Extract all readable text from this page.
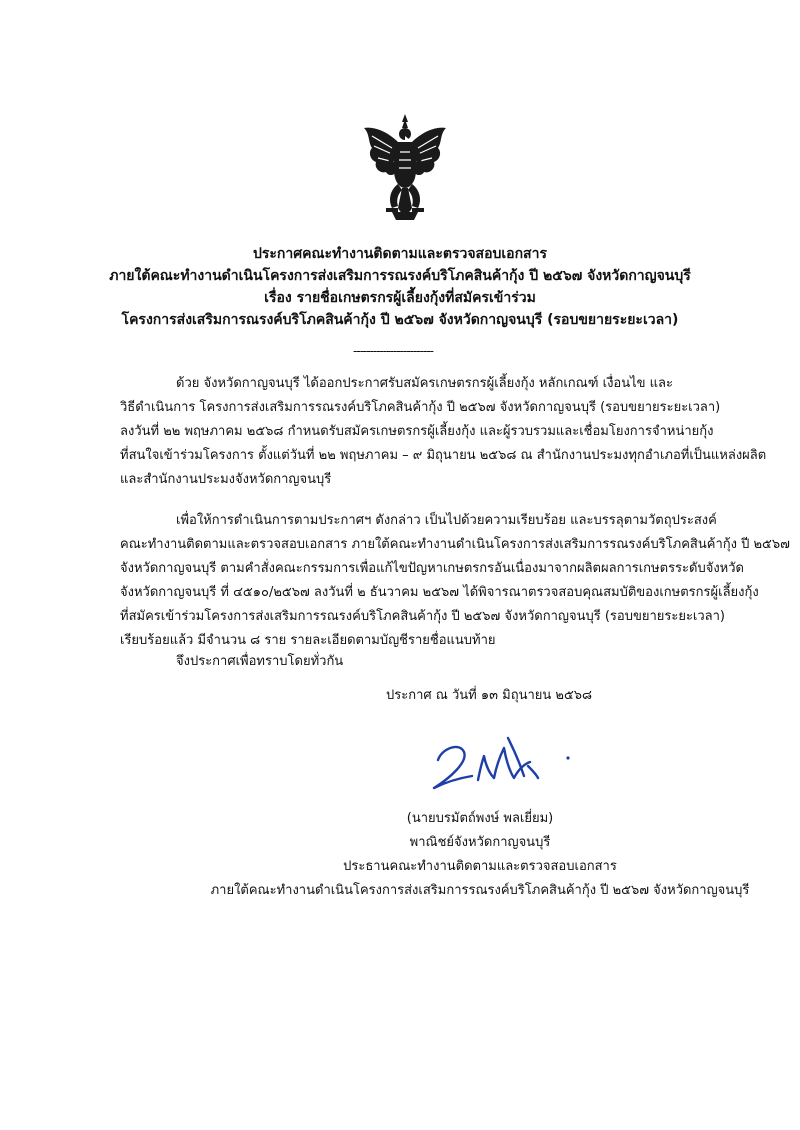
ประกาศคณะทำงานติดตามและตรวจสอบเอกสาร
ภายใต้คณะทำงานดำเนินโครงการส่งเสริมการรณรงค์บริโภคสินค้ากุ้ง ปี ๒๕๖๗ จังหวัดกาญจนบุรี
เรื่อง รายชื่อเกษตรกรผู้เลี้ยงกุ้งที่สมัครเข้าร่วม
โครงการส่งเสริมการณรงค์บริโภคสินค้ากุ้ง ปี ๒๕๖๗ จังหวัดกาญจนบุรี (รอบขยายระยะเวลา)
------------------------
ด้วย จังหวัดกาญจนบุรี ได้ออกประกาศรับสมัครเกษตรกรผู้เลี้ยงกุ้ง หลักเกณฑ์ เงื่อนไข และ
วิธีดำเนินการ โครงการส่งเสริมการรณรงค์บริโภคสินค้ากุ้ง ปี ๒๕๖๗ จังหวัดกาญจนบุรี (รอบขยายระยะเวลา)
ลงวันที่ ๒๒ พฤษภาคม ๒๕๖๘ กำหนดรับสมัครเกษตรกรผู้เลี้ยงกุ้ง และผู้รวบรวมและเชื่อมโยงการจำหน่ายกุ้ง
ที่สนใจเข้าร่วมโครงการ ตั้งแต่วันที่ ๒๒ พฤษภาคม – ๙ มิถุนายน ๒๕๖๘ ณ สำนักงานประมงทุกอำเภอที่เป็นแหล่งผลิต
และสำนักงานประมงจังหวัดกาญจนบุรี
เพื่อให้การดำเนินการตามประกาศฯ ดังกล่าว เป็นไปด้วยความเรียบร้อย และบรรลุตามวัตถุประสงค์
คณะทำงานติดตามและตรวจสอบเอกสาร ภายใต้คณะทำงานดำเนินโครงการส่งเสริมการรณรงค์บริโภคสินค้ากุ้ง ปี ๒๕๖๗
จังหวัดกาญจนบุรี ตามคำสั่งคณะกรรมการเพื่อแก้ไขปัญหาเกษตรกรอันเนื่องมาจากผลิตผลการเกษตรระดับจังหวัด
จังหวัดกาญจนบุรี ที่ ๔๕๑๐/๒๕๖๗ ลงวันที่ ๒ ธันวาคม ๒๕๖๗ ได้พิจารณาตรวจสอบคุณสมบัติของเกษตรกรผู้เลี้ยงกุ้ง
ที่สมัครเข้าร่วมโครงการส่งเสริมการรณรงค์บริโภคสินค้ากุ้ง ปี ๒๕๖๗ จังหวัดกาญจนบุรี (รอบขยายระยะเวลา)
เรียบร้อยแล้ว มีจำนวน ๘ ราย รายละเอียดตามบัญชีรายชื่อแนบท้าย
จึงประกาศเพื่อทราบโดยทั่วกัน
ประกาศ ณ วันที่ ๑๓ มิถุนายน ๒๕๖๘
(นายบรมัตถ์พงษ์ พลเยี่ยม)
พาณิชย์จังหวัดกาญจนบุรี
ประธานคณะทำงานติดตามและตรวจสอบเอกสาร
ภายใต้คณะทำงานดำเนินโครงการส่งเสริมการรณรงค์บริโภคสินค้ากุ้ง ปี ๒๕๖๗ จังหวัดกาญจนบุรี
